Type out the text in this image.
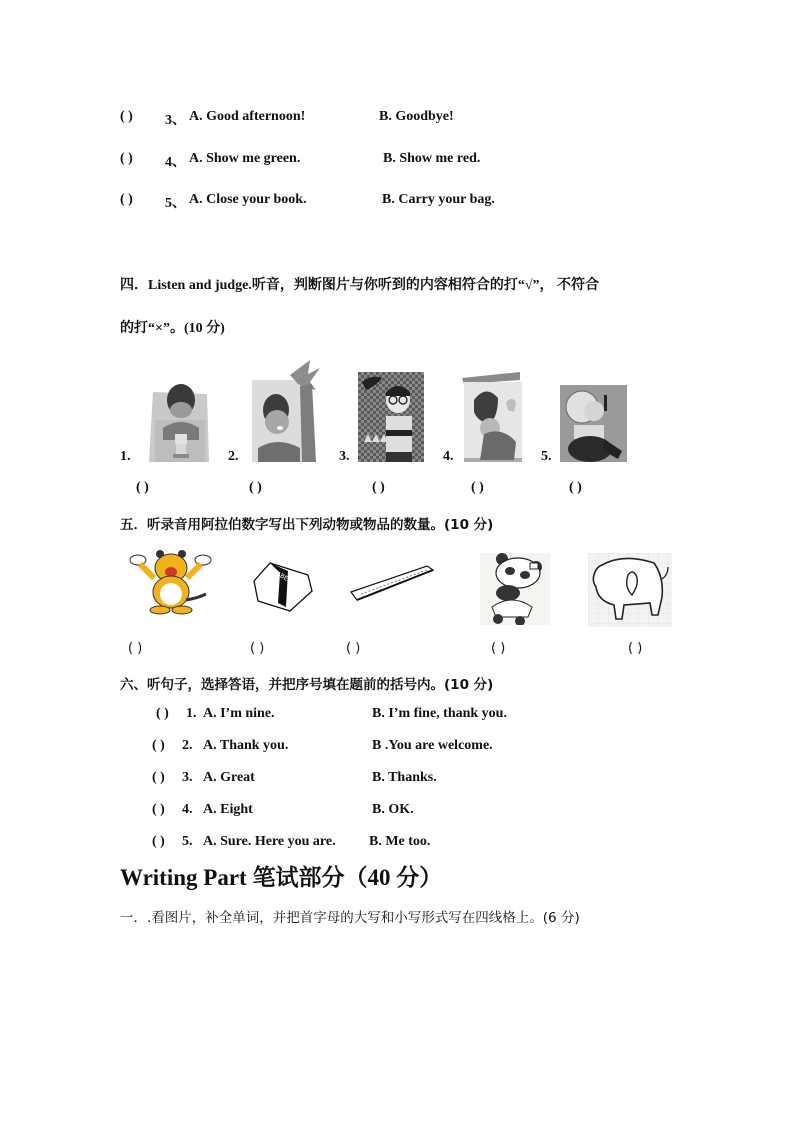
( ) 3、 A. Good afternoon!	B. Goodbye!
( ) 4、 A. Show me green.	B. Show me red.
( ) 5、 A. Close your book.	B. Carry your bag.
四．Listen and judge.听音，判断图片与你听到的内容相符合的打“√”， 不符合
的打“×”。(10 分)
1.	2.	3.	4.	5.
( )	( )	( )	( )	( )
五．听录音用阿拉伯数字写出下列动物或物品的数量。(10 分)
FABER
( )	( )	( )	( )	( )
六、听句子，选择答语，并把序号填在题前的括号内。(10 分)
( ) 1. A. I’m nine.	B. I’m fine, thank you.
( ) 2. A. Thank you.	B .You are welcome.
( ) 3. A. Great	B. Thanks.
( ) 4. A. Eight	B. OK.
( ) 5. A. Sure. Here you are. B. Me too.
Writing Part 笔试部分（40 分）
一．.看图片，补全单词，并把首字母的大写和小写形式写在四线格上。(6 分)
